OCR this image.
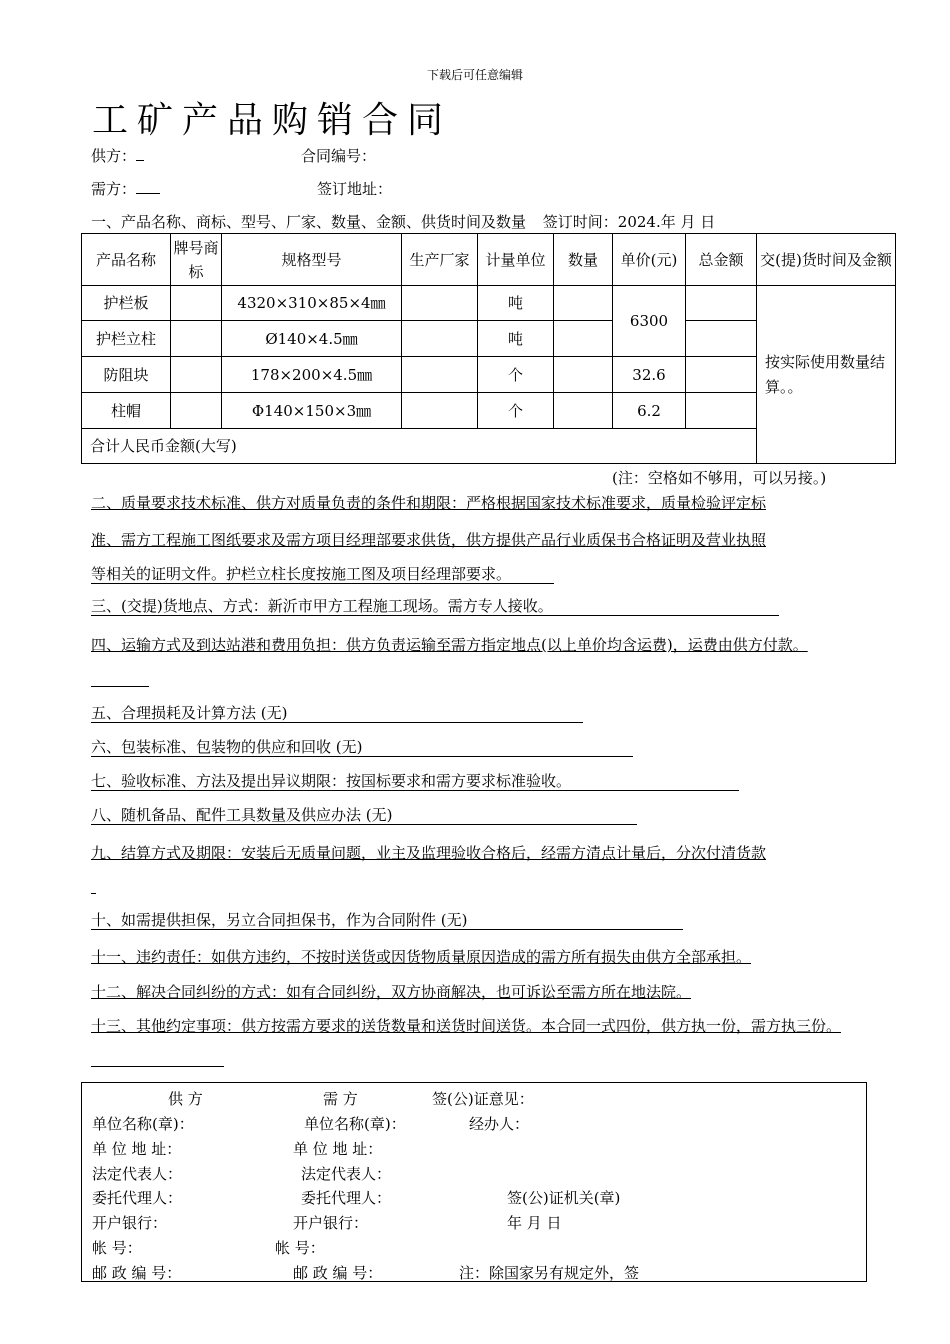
下载后可任意编辑
工矿产品购销合同
供方：	合同编号：
需方：	签订地址：
一、产品名称、商标、型号、厂家、数量、金额、供货时间及数量 签订时间：2024.年 月 日
产品名称	牌号商标	规格型号	生产厂家	计量单位	数量	单价(元)	总金额	交(提)货时间及金额
护栏板		4320×310×85×4㎜		吨		6300		按实际使用数量结算。。
护栏立柱		Ø140×4.5㎜		吨				
防阻块		178×200×4.5㎜		个		32.6		
柱帽		Φ140×150×3㎜		个		6.2		
合计人民币金额(大写)								
(注：空格如不够用，可以另接。)
二、质量要求技术标准、供方对质量负责的条件和期限：严格根据国家技术标准要求，质量检验评定标
准、需方工程施工图纸要求及需方项目经理部要求供货，供方提供产品行业质保书合格证明及营业执照
等相关的证明文件。护栏立柱长度按施工图及项目经理部要求。
三、(交提)货地点、方式：新沂市甲方工程施工现场。需方专人接收。
四、运输方式及到达站港和费用负担：供方负责运输至需方指定地点(以上单价均含运费)，运费由供方付款。
五、合理损耗及计算方法 (无)
六、包装标准、包装物的供应和回收 (无)
七、验收标准、方法及提出异议期限：按国标要求和需方要求标准验收。
八、随机备品、配件工具数量及供应办法 (无)
九、结算方式及期限：安装后无质量问题，业主及监理验收合格后，经需方清点计量后，分次付清货款
十、如需提供担保，另立合同担保书，作为合同附件 (无)
十一、违约责任：如供方违约，不按时送货或因货物质量原因造成的需方所有损失由供方全部承担。
十二、解决合同纠纷的方式：如有合同纠纷，双方协商解决，也可诉讼至需方所在地法院。
十三、其他约定事项：供方按需方要求的送货数量和送货时间送货。本合同一式四份，供方执一份，需方执三份。
供 方	需 方	签(公)证意见：
单位名称(章)：	单位名称(章)：	经办人：
单 位 地 址：	单 位 地 址：
法定代表人：	法定代表人：
委托代理人：	委托代理人：	签(公)证机关(章)
开户银行：	开户银行：	年 月 日
帐 号：	帐 号：
邮 政 编 号：	邮 政 编 号：	注：除国家另有规定外，签
